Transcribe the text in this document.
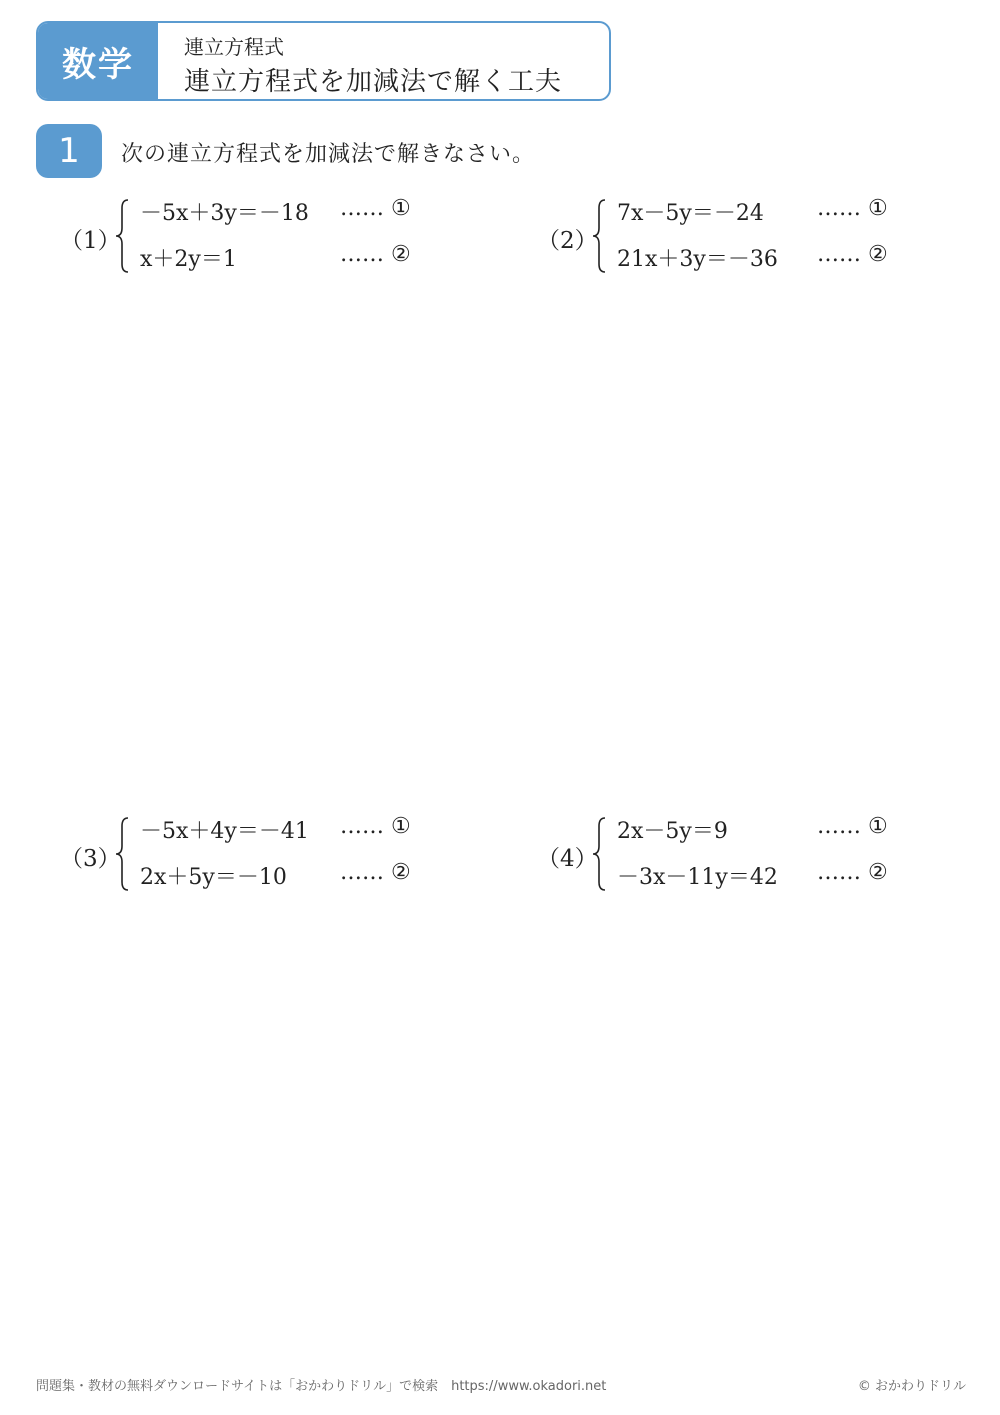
数学	連立方程式
連立方程式を加減法で解く工夫
1	次の連立方程式を加減法で解きなさい。
（1）
－5x＋3y＝－18 …… ①
x＋2y＝1	…… ②
（2）
7x－5y＝－24 …… ①
21x＋3y＝－36 …… ②
（3）
－5x＋4y＝－41 …… ①
2x＋5y＝－10 …… ②
（4）
2x－5y＝9	…… ①
－3x－11y＝42 …… ②
問題集・教材の無料ダウンロードサイトは「おかわりドリル」で検索　https://www.okadori.net	© おかわりドリル
